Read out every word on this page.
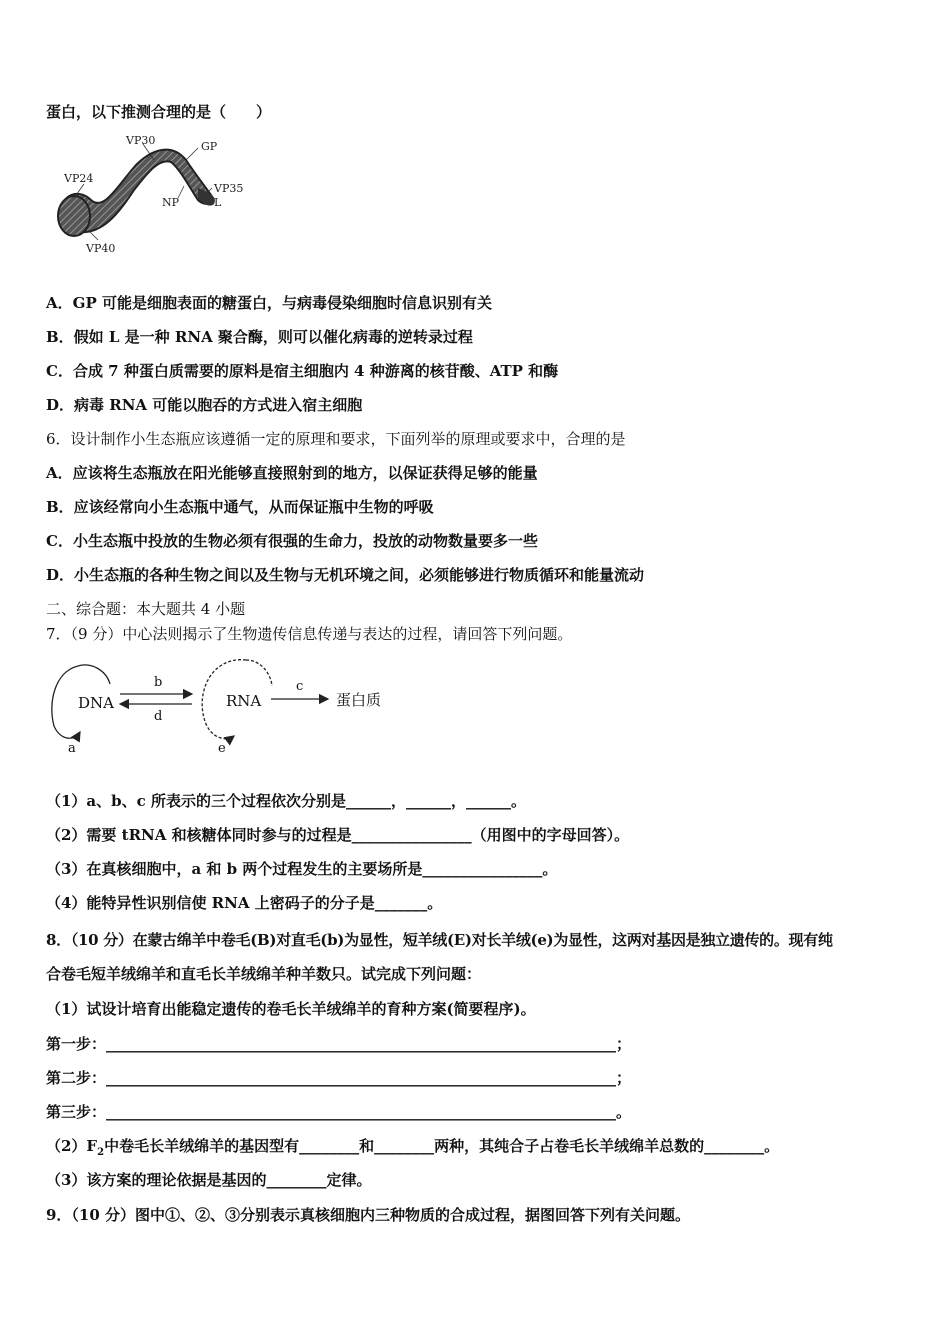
蛋白，以下推测合理的是（　　）
VP30	GP
VP24
VP35
NP	L
VP40
A．GP 可能是细胞表面的糖蛋白，与病毒侵染细胞时信息识别有关
B．假如 L 是一种 RNA 聚合酶，则可以催化病毒的逆转录过程
C．合成 7 种蛋白质需要的原料是宿主细胞内 4 种游离的核苷酸、ATP 和酶
D．病毒 RNA 可能以胞吞的方式进入宿主细胞
6．设计制作小生态瓶应该遵循一定的原理和要求，下面列举的原理或要求中，合理的是
A．应该将生态瓶放在阳光能够直接照射到的地方，以保证获得足够的能量
B．应该经常向小生态瓶中通气，从而保证瓶中生物的呼吸
C．小生态瓶中投放的生物必须有很强的生命力，投放的动物数量要多一些
D．小生态瓶的各种生物之间以及生物与无机环境之间，必须能够进行物质循环和能量流动
二、综合题：本大题共 4 小题
7．（9 分）中心法则揭示了生物遗传信息传递与表达的过程，请回答下列问题。
DNA
a
b
d
RNA
e
c
蛋白质
（1）a、b、c 所表示的三个过程依次分别是______，______，______。
（2）需要 tRNA 和核糖体同时参与的过程是________________（用图中的字母回答）。
（3）在真核细胞中，a 和 b 两个过程发生的主要场所是________________。
（4）能特异性识别信使 RNA 上密码子的分子是_______。
8．（10 分）在蒙古绵羊中卷毛(B)对直毛(b)为显性，短羊绒(E)对长羊绒(e)为显性，这两对基因是独立遗传的。现有纯
合卷毛短羊绒绵羊和直毛长羊绒绵羊种羊数只。试完成下列问题：
（1）试设计培育出能稳定遗传的卷毛长羊绒绵羊的育种方案(简要程序)。
第一步：____________________________________________________________________；
第二步：____________________________________________________________________；
第三步：____________________________________________________________________。
$(2)F_2$中卷毛长羊绒绵羊的基因型有________和________两种，其纯合子占卷毛长羊绒绵羊总数的________。
（3）该方案的理论依据是基因的________定律。
9．（10 分）图中①、②、③分别表示真核细胞内三种物质的合成过程，据图回答下列有关问题。
